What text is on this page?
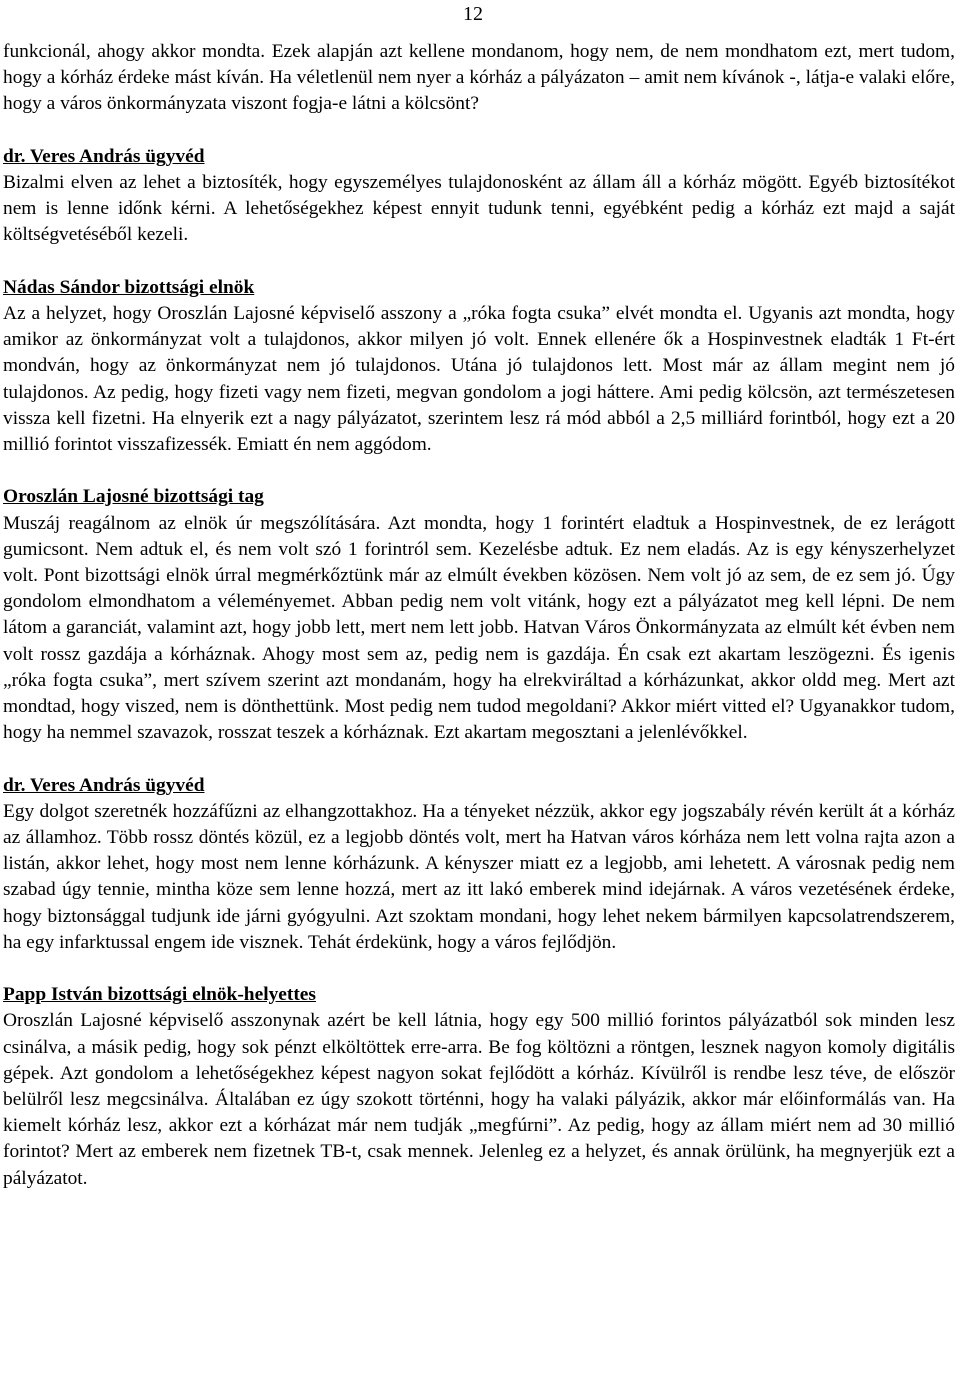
12

funkcionál, ahogy akkor mondta. Ezek alapján azt kellene mondanom, hogy nem, de nem mondhatom ezt, mert tudom, hogy a kórház érdeke mást kíván. Ha véletlenül nem nyer a kórház a pályázaton – amit nem kívánok -, látja-e valaki előre, hogy a város önkormányzata viszont fogja-e látni a kölcsönt?

dr. Veres András ügyvéd

Bizalmi elven az lehet a biztosíték, hogy egyszemélyes tulajdonosként az állam áll a kórház mögött. Egyéb biztosítékot nem is lenne időnk kérni. A lehetőségekhez képest ennyit tudunk tenni, egyébként pedig a kórház ezt majd a saját költségvetéséből kezeli.

Nádas Sándor bizottsági elnök

Az a helyzet, hogy Oroszlán Lajosné képviselő asszony a „róka fogta csuka” elvét mondta el. Ugyanis azt mondta, hogy amikor az önkormányzat volt a tulajdonos, akkor milyen jó volt. Ennek ellenére ők a Hospinvestnek eladták 1 Ft-ért mondván, hogy az önkormányzat nem jó tulajdonos. Utána jó tulajdonos lett. Most már az állam megint nem jó tulajdonos. Az pedig, hogy fizeti vagy nem fizeti, megvan gondolom a jogi háttere. Ami pedig kölcsön, azt természetesen vissza kell fizetni. Ha elnyerik ezt a nagy pályázatot, szerintem lesz rá mód abból a 2,5 milliárd forintból, hogy ezt a 20 millió forintot visszafizessék. Emiatt én nem aggódom.

Oroszlán Lajosné bizottsági tag

Muszáj reagálnom az elnök úr megszólítására. Azt mondta, hogy 1 forintért eladtuk a Hospinvestnek, de ez lerágott gumicsont. Nem adtuk el, és nem volt szó 1 forintról sem. Kezelésbe adtuk. Ez nem eladás. Az is egy kényszerhelyzet volt. Pont bizottsági elnök úrral megmérkőztünk már az elmúlt években közösen. Nem volt jó az sem, de ez sem jó. Úgy gondolom elmondhatom a véleményemet. Abban pedig nem volt vitánk, hogy ezt a pályázatot meg kell lépni. De nem látom a garanciát, valamint azt, hogy jobb lett, mert nem lett jobb. Hatvan Város Önkormányzata az elmúlt két évben nem volt rossz gazdája a kórháznak. Ahogy most sem az, pedig nem is gazdája. Én csak ezt akartam leszögezni. És igenis „róka fogta csuka”, mert szívem szerint azt mondanám, hogy ha elrekviráltad a kórházunkat, akkor oldd meg. Mert azt mondtad, hogy viszed, nem is dönthettünk. Most pedig nem tudod megoldani? Akkor miért vitted el? Ugyanakkor tudom, hogy ha nemmel szavazok, rosszat teszek a kórháznak. Ezt akartam megosztani a jelenlévőkkel.

dr. Veres András ügyvéd

Egy dolgot szeretnék hozzáfűzni az elhangzottakhoz. Ha a tényeket nézzük, akkor egy jogszabály révén került át a kórház az államhoz. Több rossz döntés közül, ez a legjobb döntés volt, mert ha Hatvan város kórháza nem lett volna rajta azon a listán, akkor lehet, hogy most nem lenne kórházunk. A kényszer miatt ez a legjobb, ami lehetett. A városnak pedig nem szabad úgy tennie, mintha köze sem lenne hozzá, mert az itt lakó emberek mind idejárnak. A város vezetésének érdeke, hogy biztonsággal tudjunk ide járni gyógyulni. Azt szoktam mondani, hogy lehet nekem bármilyen kapcsolatrendszerem, ha egy infarktussal engem ide visznek. Tehát érdekünk, hogy a város fejlődjön.

Papp István bizottsági elnök-helyettes

Oroszlán Lajosné képviselő asszonynak azért be kell látnia, hogy egy 500 millió forintos pályázatból sok minden lesz csinálva, a másik pedig, hogy sok pénzt elköltöttek erre-arra. Be fog költözni a röntgen, lesznek nagyon komoly digitális gépek. Azt gondolom a lehetőségekhez képest nagyon sokat fejlődött a kórház. Kívülről is rendbe lesz téve, de először belülről lesz megcsinálva. Általában ez úgy szokott történni, hogy ha valaki pályázik, akkor már előinformálás van. Ha kiemelt kórház lesz, akkor ezt a kórházat már nem tudják „megfúrni”. Az pedig, hogy az állam miért nem ad 30 millió forintot? Mert az emberek nem fizetnek TB-t, csak mennek. Jelenleg ez a helyzet, és annak örülünk, ha megnyerjük ezt a pályázatot.
